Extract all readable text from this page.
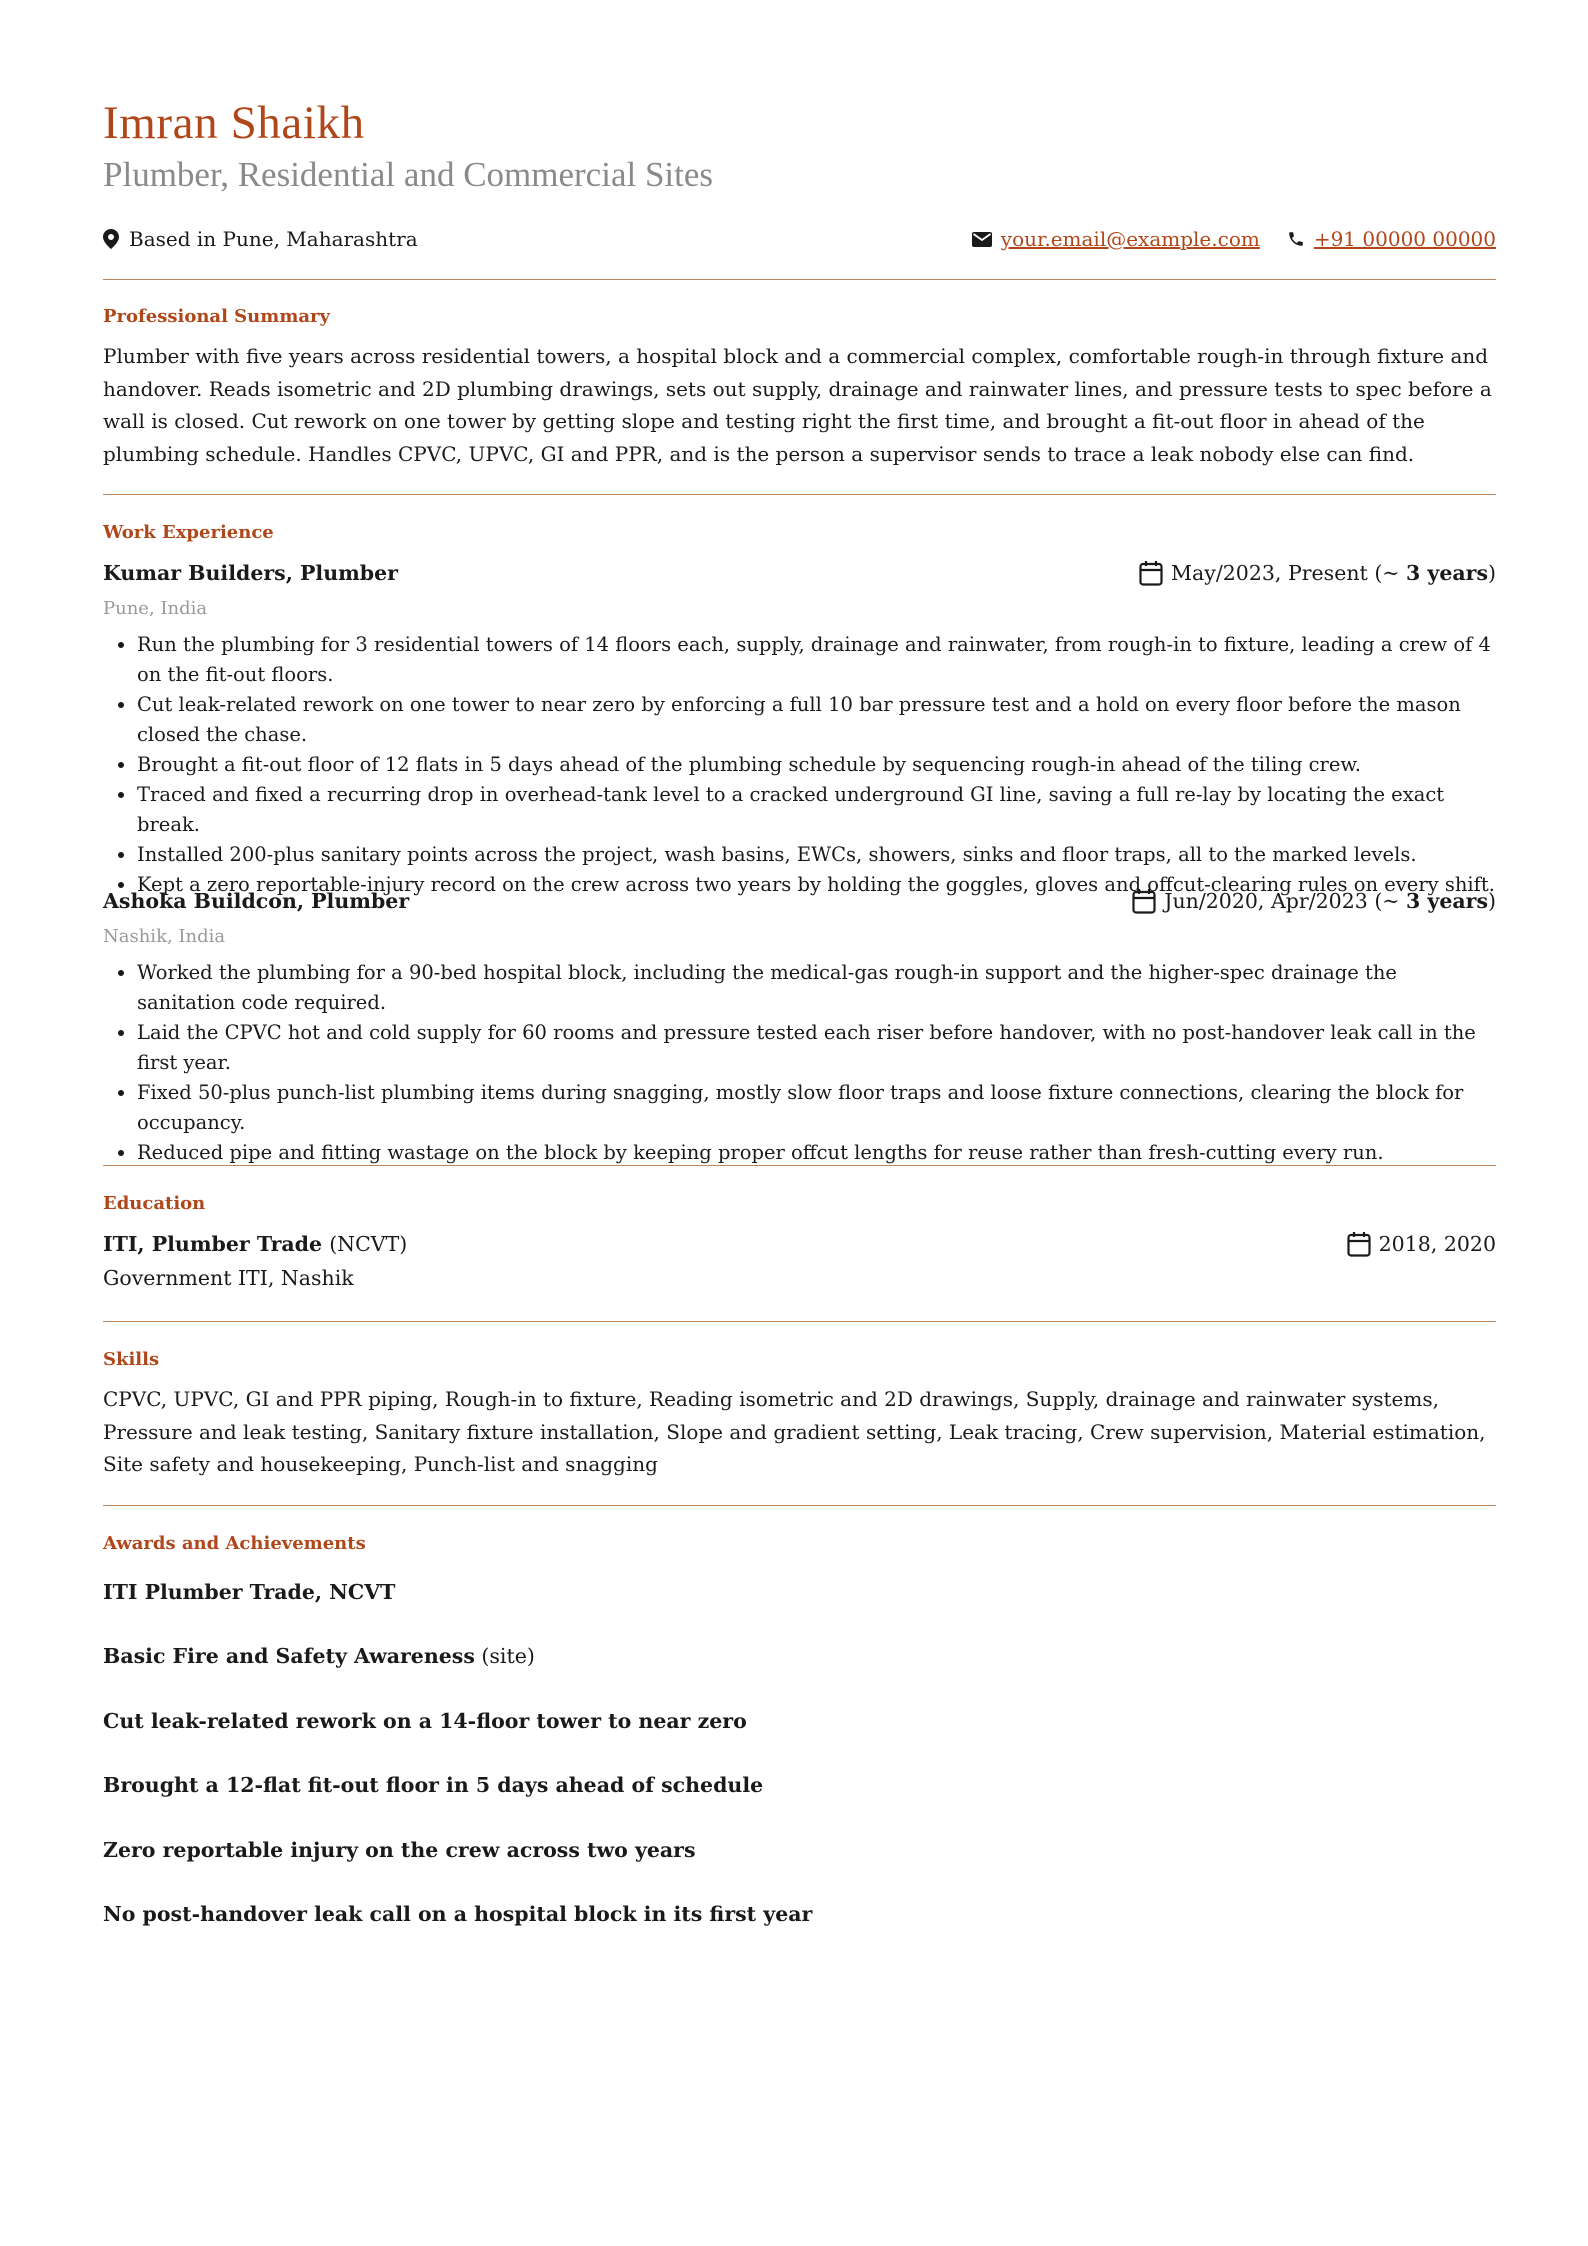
Imran Shaikh
Plumber, Residential and Commercial Sites
Based in Pune, Maharashtra	your.email@example.com	+91 00000 00000
Professional Summary
Plumber with five years across residential towers, a hospital block and a commercial complex, comfortable rough-in through fixture and handover. Reads isometric and 2D plumbing drawings, sets out supply, drainage and rainwater lines, and pressure tests to spec before a wall is closed. Cut rework on one tower by getting slope and testing right the first time, and brought a fit-out floor in ahead of the plumbing schedule. Handles CPVC, UPVC, GI and PPR, and is the person a supervisor sends to trace a leak nobody else can find.
Work Experience
Kumar Builders, Plumber	May/2023, Present (~ 3 years)
Pune, India
• Run the plumbing for 3 residential towers of 14 floors each, supply, drainage and rainwater, from rough-in to fixture, leading a crew of 4 on the fit-out floors.
• Cut leak-related rework on one tower to near zero by enforcing a full 10 bar pressure test and a hold on every floor before the mason closed the chase.
• Brought a fit-out floor of 12 flats in 5 days ahead of the plumbing schedule by sequencing rough-in ahead of the tiling crew.
• Traced and fixed a recurring drop in overhead-tank level to a cracked underground GI line, saving a full re-lay by locating the exact break.
• Installed 200-plus sanitary points across the project, wash basins, EWCs, showers, sinks and floor traps, all to the marked levels.
• Kept a zero reportable-injury record on the crew across two years by holding the goggles, gloves and offcut-clearing rules on every shift.
Ashoka Buildcon, Plumber	Jun/2020, Apr/2023 (~ 3 years)
Nashik, India
• Worked the plumbing for a 90-bed hospital block, including the medical-gas rough-in support and the higher-spec drainage the sanitation code required.
• Laid the CPVC hot and cold supply for 60 rooms and pressure tested each riser before handover, with no post-handover leak call in the first year.
• Fixed 50-plus punch-list plumbing items during snagging, mostly slow floor traps and loose fixture connections, clearing the block for occupancy.
• Reduced pipe and fitting wastage on the block by keeping proper offcut lengths for reuse rather than fresh-cutting every run.
Education
ITI, Plumber Trade (NCVT)	2018, 2020
Government ITI, Nashik
Skills
CPVC, UPVC, GI and PPR piping, Rough-in to fixture, Reading isometric and 2D drawings, Supply, drainage and rainwater systems, Pressure and leak testing, Sanitary fixture installation, Slope and gradient setting, Leak tracing, Crew supervision, Material estimation, Site safety and housekeeping, Punch-list and snagging
Awards and Achievements
ITI Plumber Trade, NCVT
Basic Fire and Safety Awareness (site)
Cut leak-related rework on a 14-floor tower to near zero
Brought a 12-flat fit-out floor in 5 days ahead of schedule
Zero reportable injury on the crew across two years
No post-handover leak call on a hospital block in its first year
